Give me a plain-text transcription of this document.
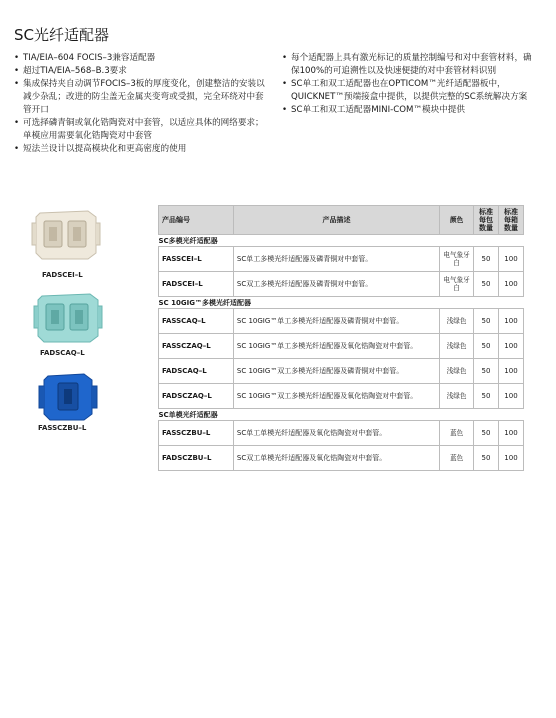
SC光纤适配器
• TIA/EIA–604 FOCIS–3兼容适配器
• 超过TIA/EIA–568–B.3要求
• 集成保持夹自动调节FOCIS–3板的厚度变化，创建整洁的安装以减少杂乱；改进的防尘盖无金属夹变弯或受损，完全环绕对中套管开口
• 可选择磷青铜或氧化锆陶瓷对中套管，以适应具体的网络要求；单模应用需要氧化锆陶瓷对中套管
• 短法兰设计以提高模块化和更高密度的使用
• 每个适配器上具有激光标记的质量控制编号和对中套管材料，确保100%的可追溯性以及快速便捷的对中套管材料识别
• SC单工和双工适配器也在OPTICOM™光纤适配器板中，QUICKNET™预端接盒中提供，以提供完整的SC系统解决方案
• SC单工和双工适配器MINI-COM™模块中提供
FADSCEI–L
FADSCAQ–L
FASSCZBU–L
产品编号	产品描述	颜色	标准每包数量	标准每箱数量
SC多模光纤适配器				
FASSCEI–L	SC单工多模光纤适配器及磷青铜对中套管。	电气象牙白	50	100
FADSCEI–L	SC双工多模光纤适配器及磷青铜对中套管。	电气象牙白	50	100
SC 10GIG™多模光纤适配器				
FASSCAQ–L	SC 10GIG™单工多模光纤适配器及磷青铜对中套管。	浅绿色	50	100
FASSCZAQ–L	SC 10GIG™单工多模光纤适配器及氧化锆陶瓷对中套管。	浅绿色	50	100
FADSCAQ–L	SC 10GIG™双工多模光纤适配器及磷青铜对中套管。	浅绿色	50	100
FADSCZAQ–L	SC 10GIG™双工多模光纤适配器及氧化锆陶瓷对中套管。	浅绿色	50	100
SC单模光纤适配器				
FASSCZBU–L	SC单工单模光纤适配器及氧化锆陶瓷对中套管。	蓝色	50	100
FADSCZBU–L	SC双工单模光纤适配器及氧化锆陶瓷对中套管。	蓝色	50	100
